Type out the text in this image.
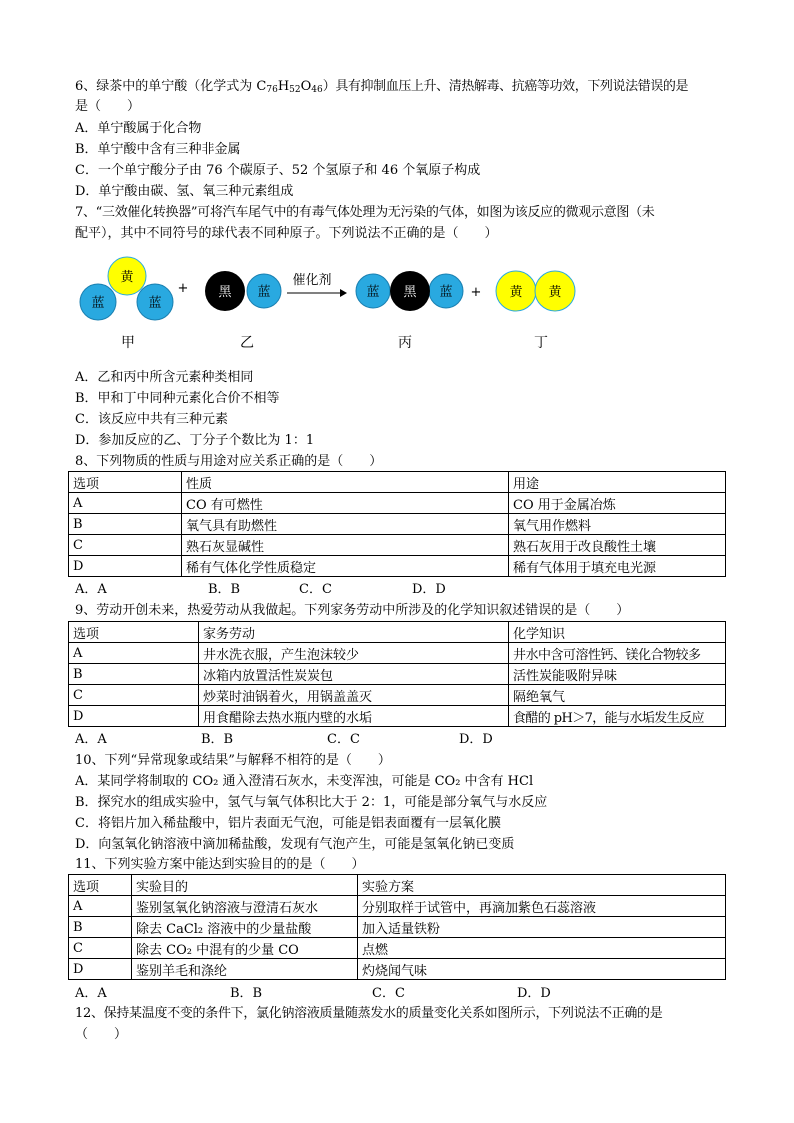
6、绿茶中的单宁酸（化学式为 $C_{76}H_{52}O_{46}$）具有抑制血压上升、清热解毒、抗癌等功效，下列说法错误的是
是（　　）
A．单宁酸属于化合物
B．单宁酸中含有三种非金属
C．一个单宁酸分子由 76 个碳原子、52 个氢原子和 46 个氧原子构成
D．单宁酸由碳、氢、氧三种元素组成
7、“三效催化转换器”可将汽车尾气中的有毒气体处理为无污染的气体，如图为该反应的微观示意图（未
配平），其中不同符号的球代表不同种原子。下列说法不正确的是（　　）
黄
蓝	蓝
+ 黑 蓝
催化剂
蓝 黑 蓝 + 黄 黄
甲	乙	丙	丁
A．乙和丙中所含元素种类相同
B．甲和丁中同种元素化合价不相等
C．该反应中共有三种元素
D．参加反应的乙、丁分子个数比为 1：1
8、下列物质的性质与用途对应关系正确的是（　　）
选项	性质	用途
A	CO 有可燃性	CO 用于金属冶炼
B	氧气具有助燃性	氧气用作燃料
C	熟石灰显碱性	熟石灰用于改良酸性土壤
D	稀有气体化学性质稳定	稀有气体用于填充电光源
A．A	B．B	C．C	D．D
9、劳动开创未来，热爱劳动从我做起。下列家务劳动中所涉及的化学知识叙述错误的是（　　）
选项	家务劳动	化学知识
A	井水洗衣服，产生泡沫较少	井水中含可溶性钙、镁化合物较多
B	冰箱内放置活性炭炭包	活性炭能吸附异味
C	炒菜时油锅着火，用锅盖盖灭	隔绝氧气
D	用食醋除去热水瓶内壁的水垢	食醋的 pH＞7，能与水垢发生反应
A．A	B．B	C．C	D．D
10、下列“异常现象或结果”与解释不相符的是（　　）
A．某同学将制取的 CO₂ 通入澄清石灰水，未变浑浊，可能是 CO₂ 中含有 HCl
B．探究水的组成实验中，氢气与氧气体积比大于 2：1，可能是部分氧气与水反应
C．将铝片加入稀盐酸中，铝片表面无气泡，可能是铝表面覆有一层氧化膜
D．向氢氧化钠溶液中滴加稀盐酸，发现有气泡产生，可能是氢氧化钠已变质
11、下列实验方案中能达到实验目的的是（　　）
选项	实验目的	实验方案
A	鉴别氢氧化钠溶液与澄清石灰水	分别取样于试管中，再滴加紫色石蕊溶液
B	除去 CaCl₂ 溶液中的少量盐酸	加入适量铁粉
C	除去 CO₂ 中混有的少量 CO	点燃
D	鉴别羊毛和涤纶	灼烧闻气味
A．A	B．B	C．C	D．D
12、保持某温度不变的条件下，氯化钠溶液质量随蒸发水的质量变化关系如图所示，下列说法不正确的是
（　　）
